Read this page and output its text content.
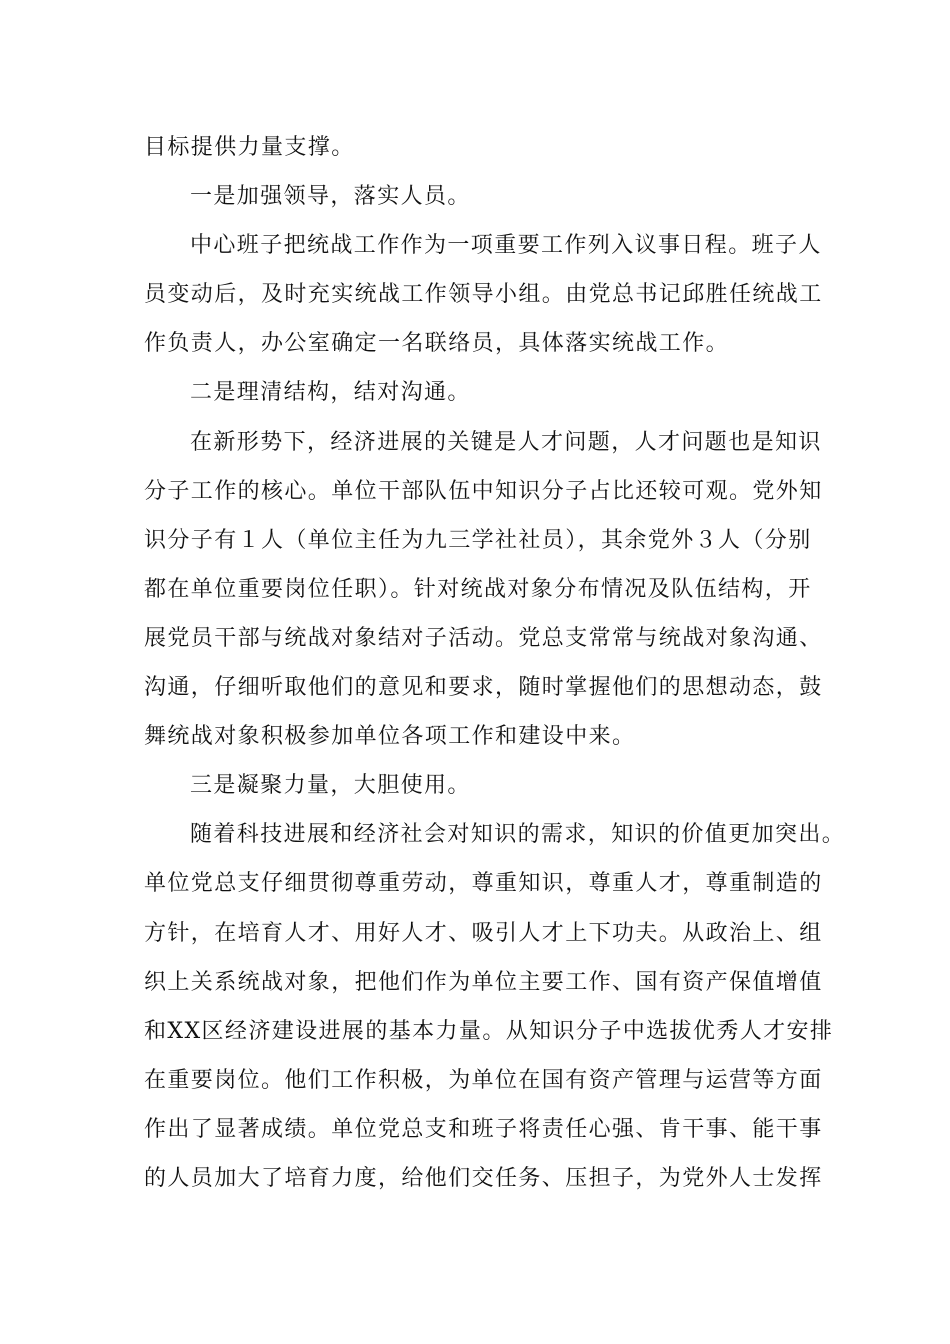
目标提供力量支撑。
一是加强领导，落实人员。
中心班子把统战工作作为一项重要工作列入议事日程。班子人
员变动后，及时充实统战工作领导小组。由党总书记邱胜任统战工
作负责人，办公室确定一名联络员，具体落实统战工作。
二是理清结构，结对沟通。
在新形势下，经济进展的关键是人才问题，人才问题也是知识
分子工作的核心。单位干部队伍中知识分子占比还较可观。党外知
识分子有１人（单位主任为九三学社社员），其余党外３人（分别
都在单位重要岗位任职）。针对统战对象分布情况及队伍结构，开
展党员干部与统战对象结对子活动。党总支常常与统战对象沟通、
沟通，仔细听取他们的意见和要求，随时掌握他们的思想动态，鼓
舞统战对象积极参加单位各项工作和建设中来。
三是凝聚力量，大胆使用。
随着科技进展和经济社会对知识的需求，知识的价值更加突出。
单位党总支仔细贯彻尊重劳动，尊重知识，尊重人才，尊重制造的
方针，在培育人才、用好人才、吸引人才上下功夫。从政治上、组
织上关系统战对象，把他们作为单位主要工作、国有资产保值增值
和XX区经济建设进展的基本力量。从知识分子中选拔优秀人才安排
在重要岗位。他们工作积极，为单位在国有资产管理与运营等方面
作出了显著成绩。单位党总支和班子将责任心强、肯干事、能干事
的人员加大了培育力度，给他们交任务、压担子，为党外人士发挥
